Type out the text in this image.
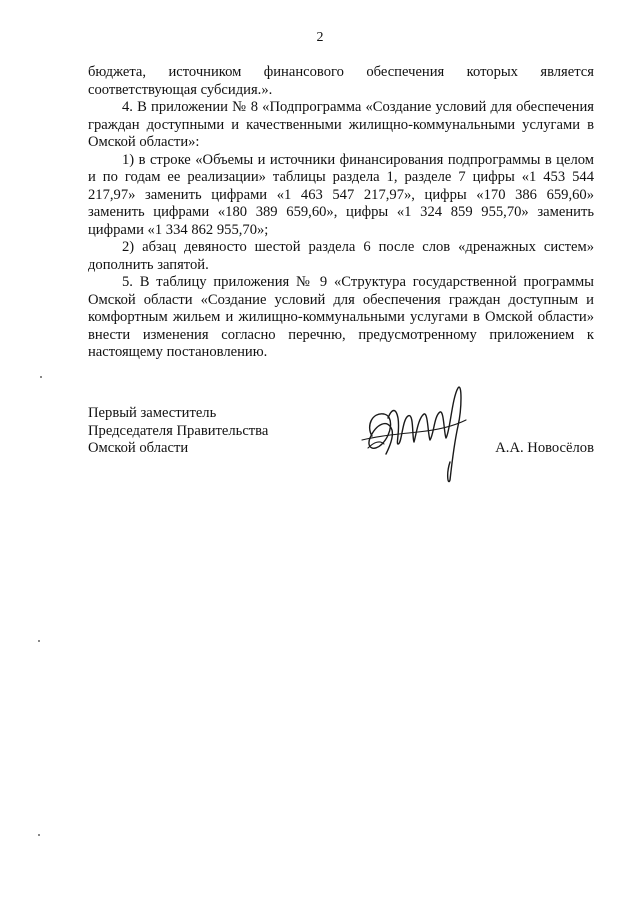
2

бюджета, источником финансового обеспечения которых является соответствующая субсидия.».

4. В приложении № 8 «Подпрограмма «Создание условий для обеспечения граждан доступными и качественными жилищно-коммунальными услугами в Омской области»:

1) в строке «Объемы и источники финансирования подпрограммы в целом и по годам ее реализации» таблицы раздела 1, разделе 7 цифры «1 453 544 217,97» заменить цифрами «1 463 547 217,97», цифры «170 386 659,60» заменить цифрами «180 389 659,60», цифры «1 324 859 955,70» заменить цифрами «1 334 862 955,70»;

2) абзац девяносто шестой раздела 6 после слов «дренажных систем» дополнить запятой.

5. В таблицу приложения № 9 «Структура государственной программы Омской области «Создание условий для обеспечения граждан доступным и комфортным жильем и жилищно-коммунальными услугами в Омской области» внести изменения согласно перечню, предусмотренному приложением к настоящему постановлению.

Первый заместитель
Председателя Правительства
Омской области	А.А. Новосёлов
